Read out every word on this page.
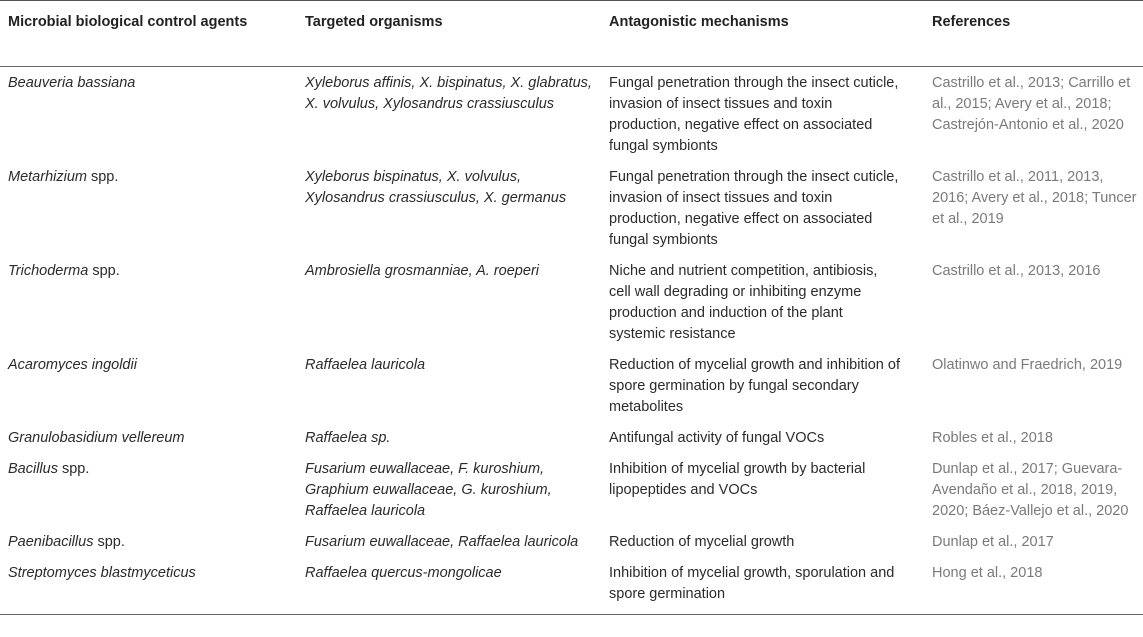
Microbial biological control agents	Targeted organisms	Antagonistic mechanisms	References
Beauveria bassiana	Xyleborus affinis, X. bispinatus, X. glabratus, X. volvulus, Xylosandrus crassiusculus	Fungal penetration through the insect cuticle, invasion of insect tissues and toxin production, negative effect on associated fungal symbionts	Castrillo et al., 2013; Carrillo et al., 2015; Avery et al., 2018; Castrejón-Antonio et al., 2020
Metarhizium spp.	Xyleborus bispinatus, X. volvulus, Xylosandrus crassiusculus, X. germanus	Fungal penetration through the insect cuticle, invasion of insect tissues and toxin production, negative effect on associated fungal symbionts	Castrillo et al., 2011, 2013, 2016; Avery et al., 2018; Tuncer et al., 2019
Trichoderma spp.	Ambrosiella grosmanniae, A. roeperi	Niche and nutrient competition, antibiosis, cell wall degrading or inhibiting enzyme production and induction of the plant systemic resistance	Castrillo et al., 2013, 2016
Acaromyces ingoldii	Raffaelea lauricola	Reduction of mycelial growth and inhibition of spore germination by fungal secondary metabolites	Olatinwo and Fraedrich, 2019
Granulobasidium vellereum	Raffaelea sp.	Antifungal activity of fungal VOCs	Robles et al., 2018
Bacillus spp.	Fusarium euwallaceae, F. kuroshium, Graphium euwallaceae, G. kuroshium, Raffaelea lauricola	Inhibition of mycelial growth by bacterial lipopeptides and VOCs	Dunlap et al., 2017; Guevara-Avendaño et al., 2018, 2019, 2020; Báez-Vallejo et al., 2020
Paenibacillus spp.	Fusarium euwallaceae, Raffaelea lauricola	Reduction of mycelial growth	Dunlap et al., 2017
Streptomyces blastmyceticus	Raffaelea quercus-mongolicae	Inhibition of mycelial growth, sporulation and spore germination	Hong et al., 2018
